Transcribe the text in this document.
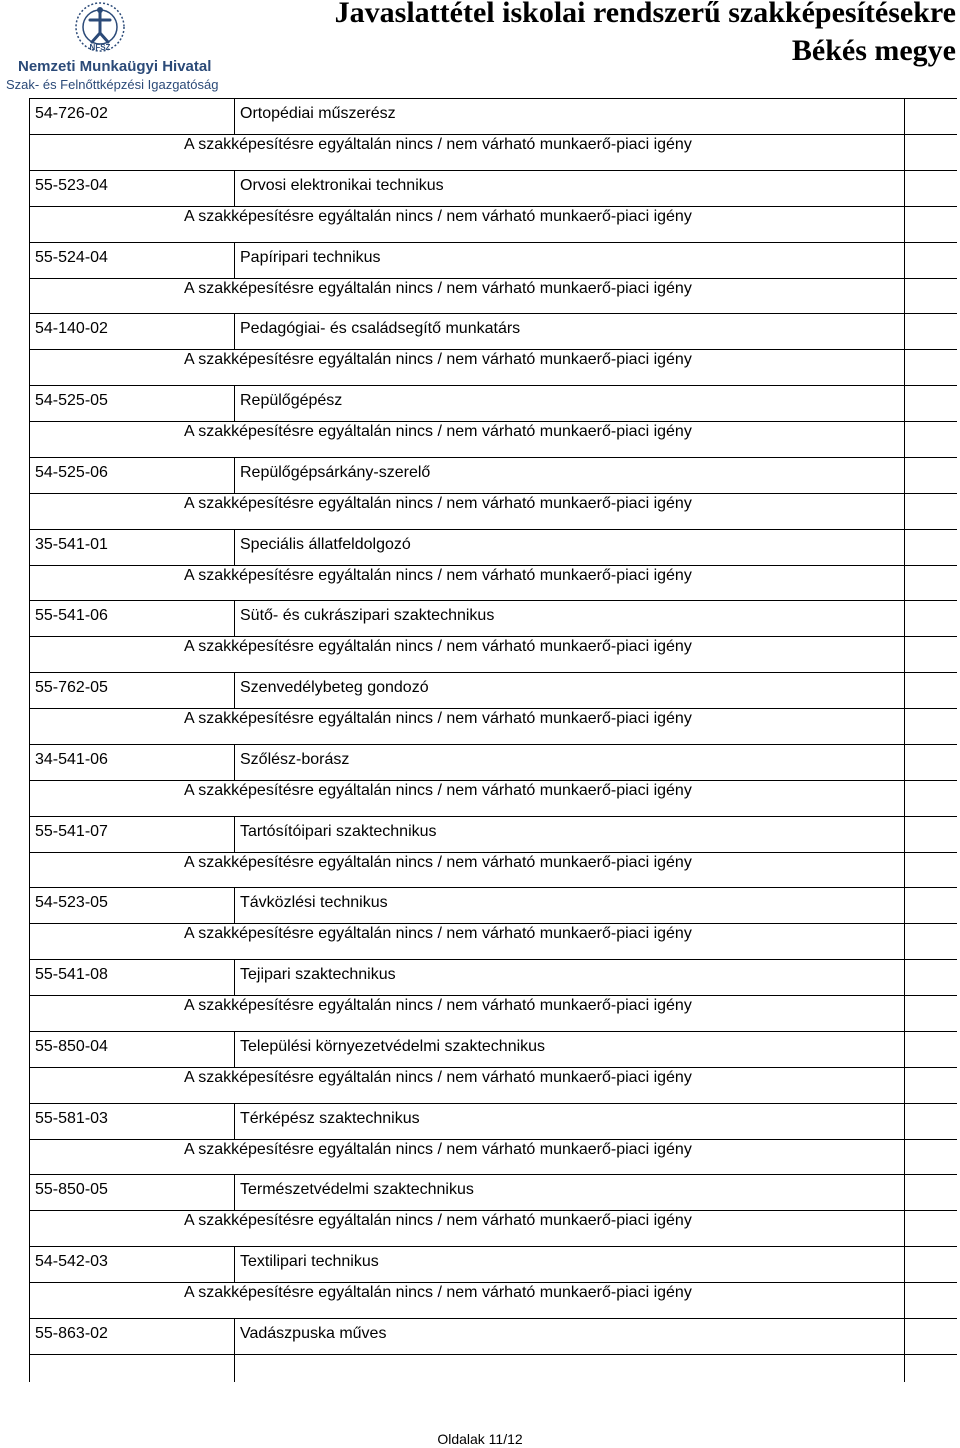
NFSZ
Nemzeti Munkaügyi Hivatal
Szak- és Felnőttképzési Igazgatóság
Javaslattétel iskolai rendszerű szakképesítésekre
Békés megye
54-726-02	Ortopédiai műszerész
A szakképesítésre egyáltalán nincs / nem várható munkaerő-piaci igény
55-523-04	Orvosi elektronikai technikus
A szakképesítésre egyáltalán nincs / nem várható munkaerő-piaci igény
55-524-04	Papíripari technikus
A szakképesítésre egyáltalán nincs / nem várható munkaerő-piaci igény
54-140-02	Pedagógiai- és családsegítő munkatárs
A szakképesítésre egyáltalán nincs / nem várható munkaerő-piaci igény
54-525-05	Repülőgépész
A szakképesítésre egyáltalán nincs / nem várható munkaerő-piaci igény
54-525-06	Repülőgépsárkány-szerelő
A szakképesítésre egyáltalán nincs / nem várható munkaerő-piaci igény
35-541-01	Speciális állatfeldolgozó
A szakképesítésre egyáltalán nincs / nem várható munkaerő-piaci igény
55-541-06	Sütő- és cukrászipari szaktechnikus
A szakképesítésre egyáltalán nincs / nem várható munkaerő-piaci igény
55-762-05	Szenvedélybeteg gondozó
A szakképesítésre egyáltalán nincs / nem várható munkaerő-piaci igény
34-541-06	Szőlész-borász
A szakképesítésre egyáltalán nincs / nem várható munkaerő-piaci igény
55-541-07	Tartósítóipari szaktechnikus
A szakképesítésre egyáltalán nincs / nem várható munkaerő-piaci igény
54-523-05	Távközlési technikus
A szakképesítésre egyáltalán nincs / nem várható munkaerő-piaci igény
55-541-08	Tejipari szaktechnikus
A szakképesítésre egyáltalán nincs / nem várható munkaerő-piaci igény
55-850-04	Települési környezetvédelmi szaktechnikus
A szakképesítésre egyáltalán nincs / nem várható munkaerő-piaci igény
55-581-03	Térképész szaktechnikus
A szakképesítésre egyáltalán nincs / nem várható munkaerő-piaci igény
55-850-05	Természetvédelmi szaktechnikus
A szakképesítésre egyáltalán nincs / nem várható munkaerő-piaci igény
54-542-03	Textilipari technikus
A szakképesítésre egyáltalán nincs / nem várható munkaerő-piaci igény
55-863-02	Vadászpuska műves
Oldalak 11/12
